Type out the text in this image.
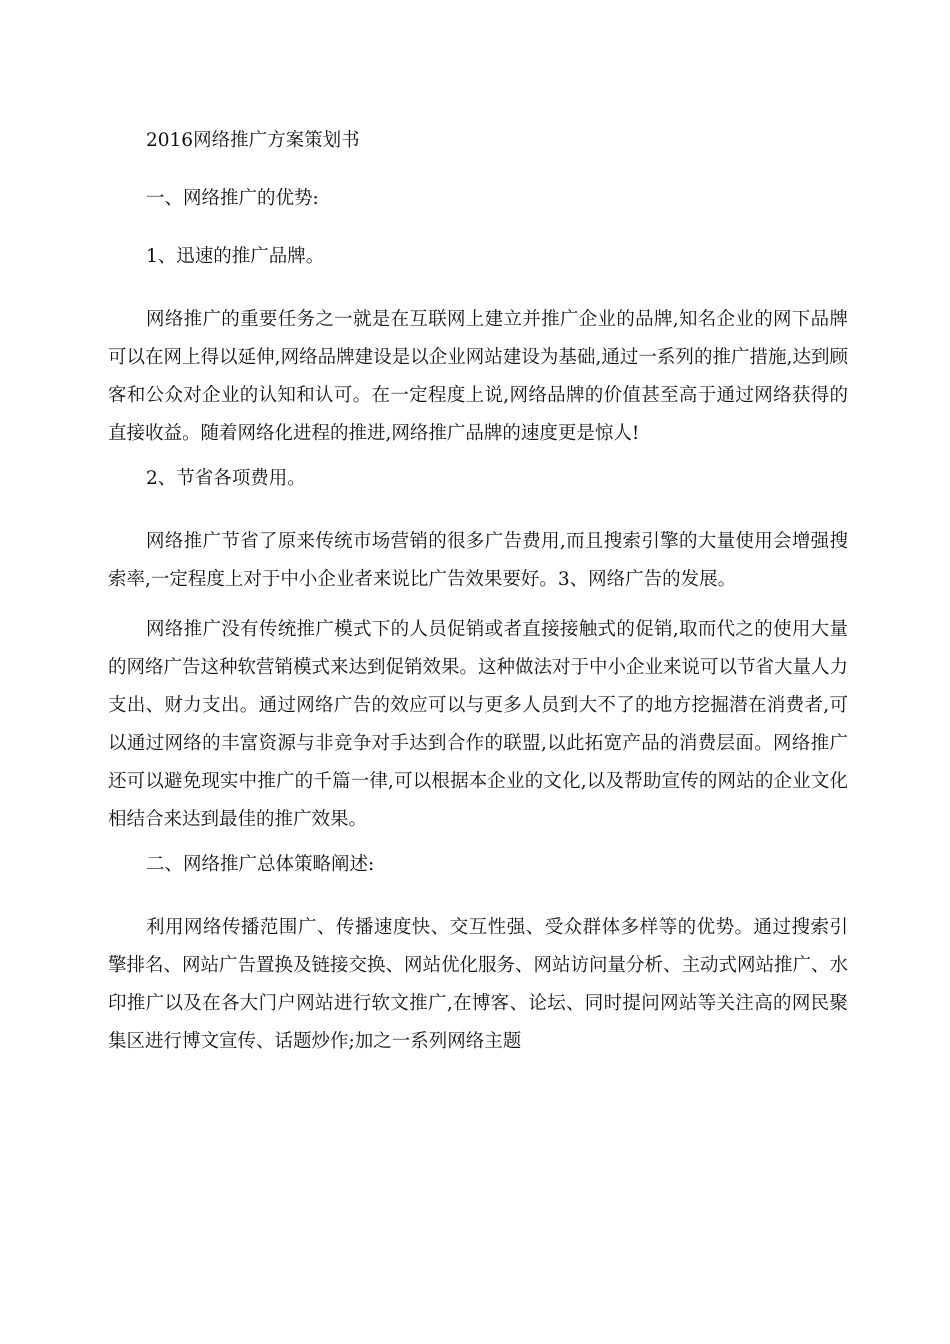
2016网络推广方案策划书

一、网络推广的优势:

1、迅速的推广品牌。

网络推广的重要任务之一就是在互联网上建立并推广企业的品牌,知名企业的网下品牌可以在网上得以延伸,网络品牌建设是以企业网站建设为基础,通过一系列的推广措施,达到顾客和公众对企业的认知和认可。在一定程度上说,网络品牌的价值甚至高于通过网络获得的直接收益。随着网络化进程的推进,网络推广品牌的速度更是惊人!

2、节省各项费用。

网络推广节省了原来传统市场营销的很多广告费用,而且搜索引擎的大量使用会增强搜索率,一定程度上对于中小企业者来说比广告效果要好。3、网络广告的发展。

网络推广没有传统推广模式下的人员促销或者直接接触式的促销,取而代之的使用大量的网络广告这种软营销模式来达到促销效果。这种做法对于中小企业来说可以节省大量人力支出、财力支出。通过网络广告的效应可以与更多人员到大不了的地方挖掘潜在消费者,可以通过网络的丰富资源与非竞争对手达到合作的联盟,以此拓宽产品的消费层面。网络推广还可以避免现实中推广的千篇一律,可以根据本企业的文化,以及帮助宣传的网站的企业文化相结合来达到最佳的推广效果。

二、网络推广总体策略阐述:

利用网络传播范围广、传播速度快、交互性强、受众群体多样等的优势。通过搜索引擎排名、网站广告置换及链接交换、网站优化服务、网站访问量分析、主动式网站推广、水印推广以及在各大门户网站进行软文推广,在博客、论坛、同时提问网站等关注高的网民聚集区进行博文宣传、话题炒作;加之一系列网络主题
